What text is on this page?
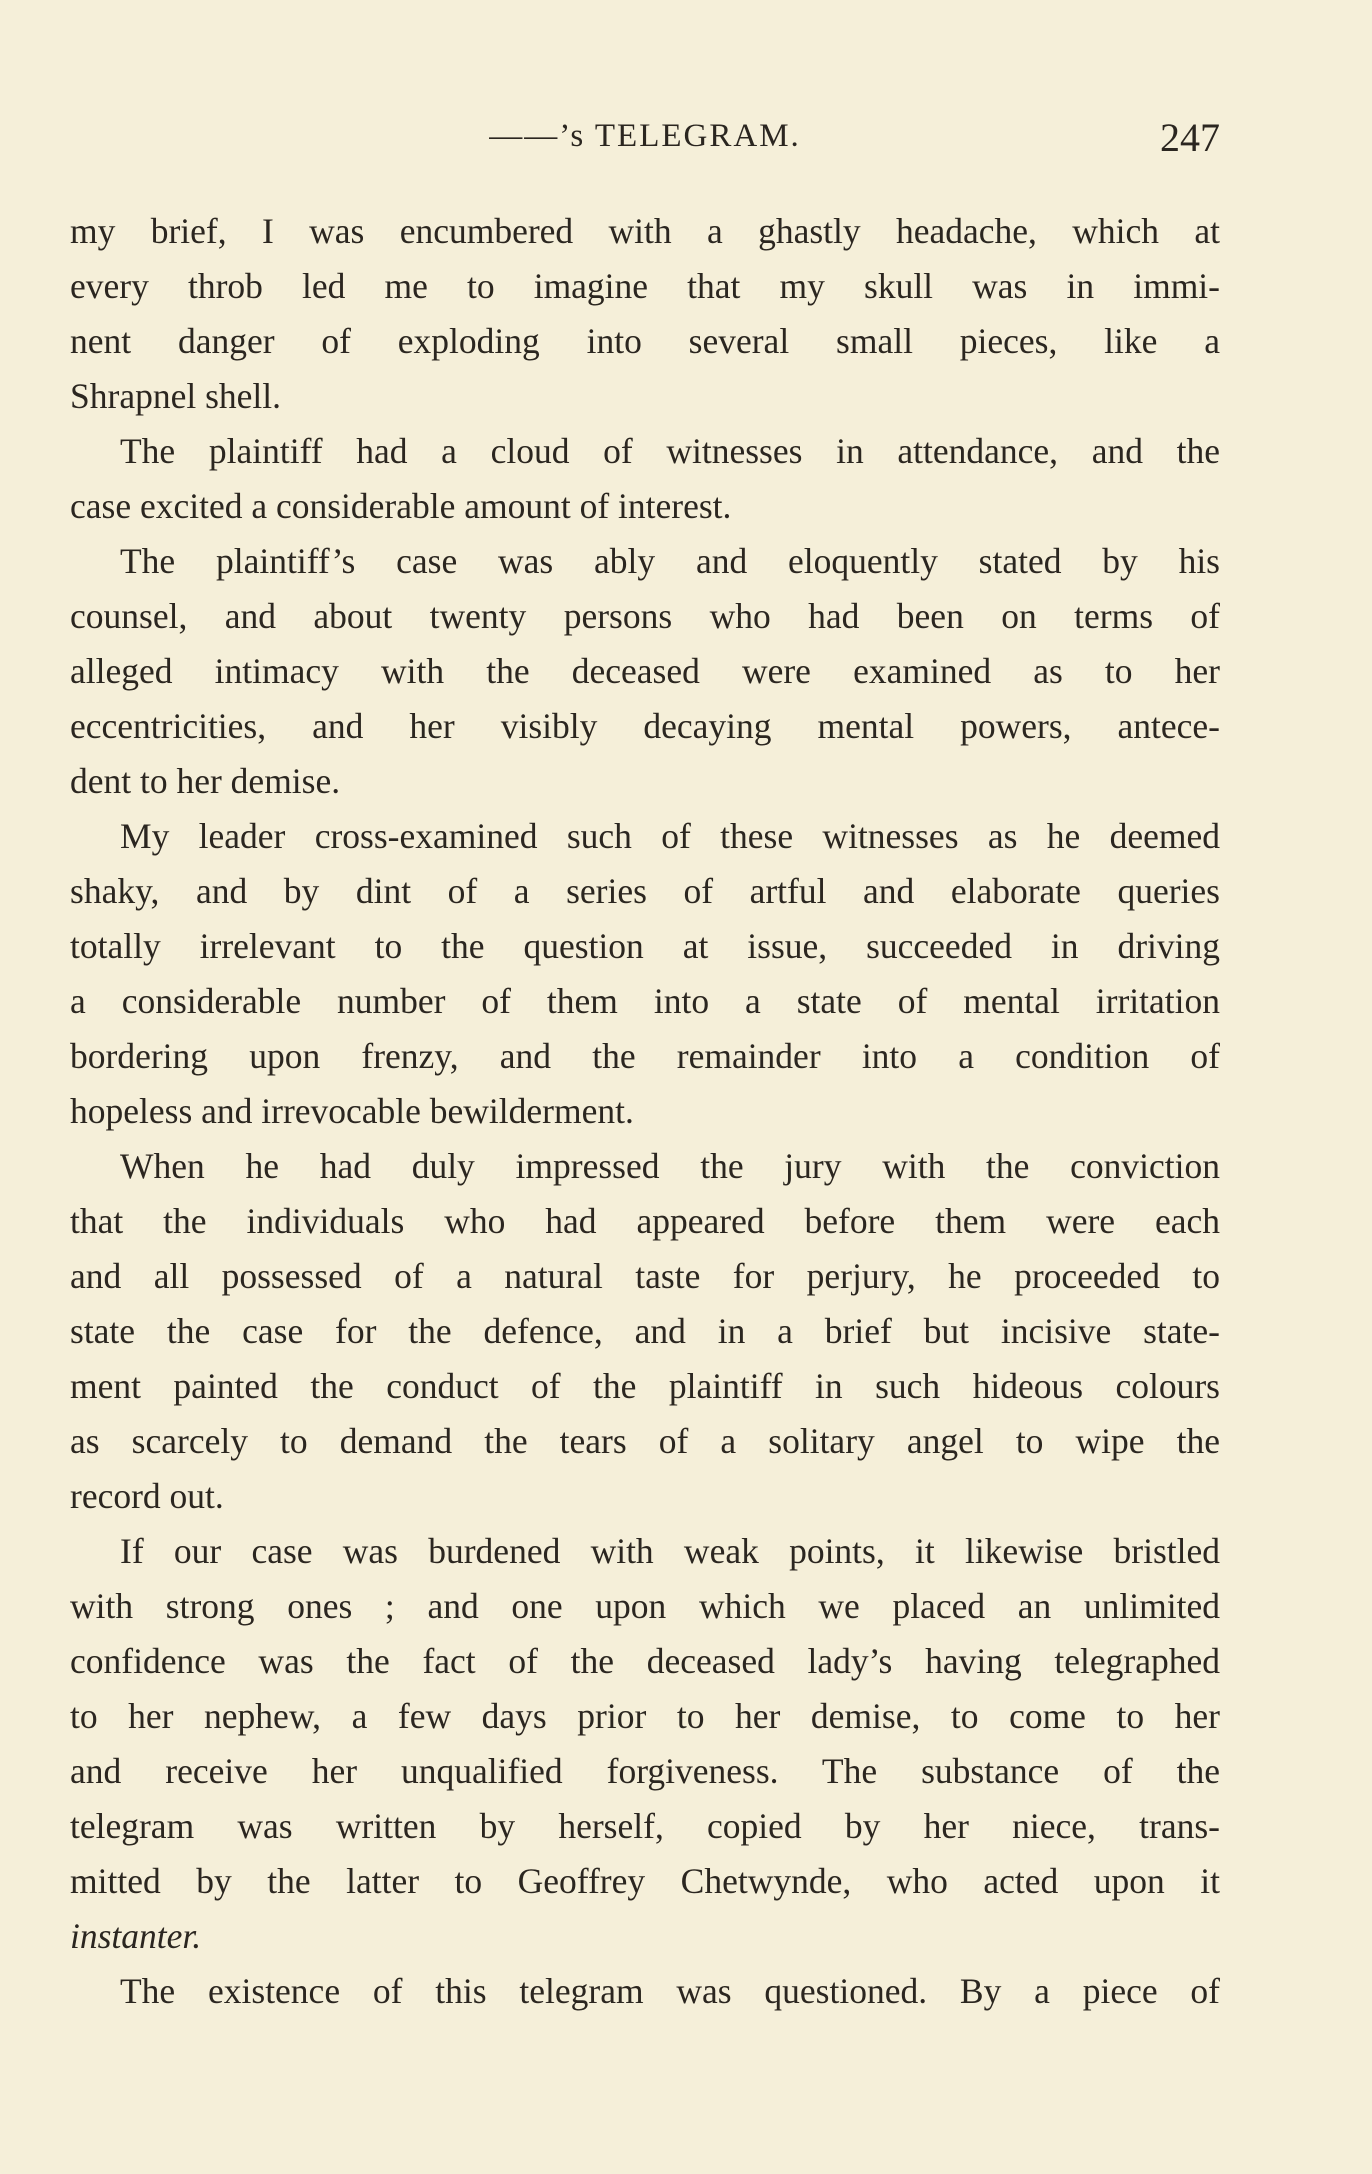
——’s TELEGRAM.	247
my brief, I was encumbered with a ghastly headache, which at
every throb led me to imagine that my skull was in immi-
nent danger of exploding into several small pieces, like a
Shrapnel shell.
The plaintiff had a cloud of witnesses in attendance, and the
case excited a considerable amount of interest.
The plaintiff’s case was ably and eloquently stated by his
counsel, and about twenty persons who had been on terms of
alleged intimacy with the deceased were examined as to her
eccentricities, and her visibly decaying mental powers, antece-
dent to her demise.
My leader cross-examined such of these witnesses as he deemed
shaky, and by dint of a series of artful and elaborate queries
totally irrelevant to the question at issue, succeeded in driving
a considerable number of them into a state of mental irritation
bordering upon frenzy, and the remainder into a condition of
hopeless and irrevocable bewilderment.
When he had duly impressed the jury with the conviction
that the individuals who had appeared before them were each
and all possessed of a natural taste for perjury, he proceeded to
state the case for the defence, and in a brief but incisive state-
ment painted the conduct of the plaintiff in such hideous colours
as scarcely to demand the tears of a solitary angel to wipe the
record out.
If our case was burdened with weak points, it likewise bristled
with strong ones ; and one upon which we placed an unlimited
confidence was the fact of the deceased lady’s having telegraphed
to her nephew, a few days prior to her demise, to come to her
and receive her unqualified forgiveness. The substance of the
telegram was written by herself, copied by her niece, trans-
mitted by the latter to Geoffrey Chetwynde, who acted upon it
instanter.
The existence of this telegram was questioned. By a piece of
